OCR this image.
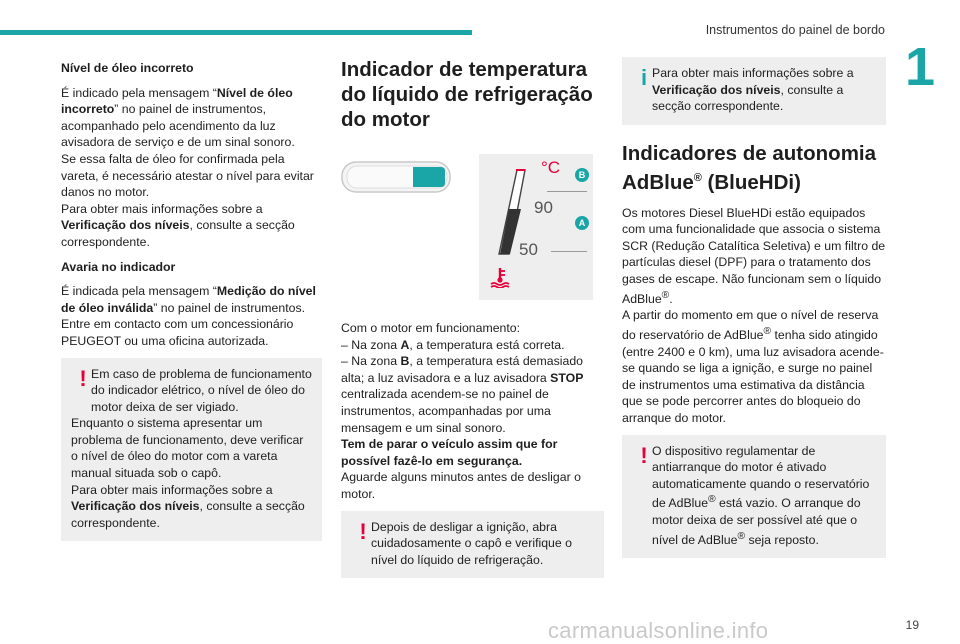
Instrumentos do painel de bordo
1
Nível de óleo incorreto

É indicado pela mensagem “Nível de óleo incorreto” no painel de instrumentos, acompanhado pelo acendimento da luz avisadora de serviço e de um sinal sonoro.
Se essa falta de óleo for confirmada pela vareta, é necessário atestar o nível para evitar danos no motor.
Para obter mais informações sobre a Verificação dos níveis, consulte a secção correspondente.

Avaria no indicador

É indicada pela mensagem “Medição do nível de óleo inválida” no painel de instrumentos.
Entre em contacto com um concessionário PEUGEOT ou uma oficina autorizada.

! Em caso de problema de funcionamento do indicador elétrico, o nível de óleo do motor deixa de ser vigiado.
Enquanto o sistema apresentar um problema de funcionamento, deve verificar o nível de óleo do motor com a vareta manual situada sob o capô.
Para obter mais informações sobre a Verificação dos níveis, consulte a secção correspondente.
Indicador de temperatura do líquido de refrigeração do motor
°C	B
90
A
50

Com o motor em funcionamento:
– Na zona A, a temperatura está correta.
– Na zona B, a temperatura está demasiado alta; a luz avisadora e a luz avisadora STOP centralizada acendem-se no painel de instrumentos, acompanhadas por uma mensagem e um sinal sonoro.
Tem de parar o veículo assim que for possível fazê-lo em segurança.
Aguarde alguns minutos antes de desligar o motor.

! Depois de desligar a ignição, abra cuidadosamente o capô e verifique o nível do líquido de refrigeração.
i Para obter mais informações sobre a Verificação dos níveis, consulte a secção correspondente.
Indicadores de autonomia AdBlue® (BlueHDi)

Os motores Diesel BlueHDi estão equipados com uma funcionalidade que associa o sistema SCR (Redução Catalítica Seletiva) e um filtro de partículas diesel (DPF) para o tratamento dos gases de escape. Não funcionam sem o líquido AdBlue®.
A partir do momento em que o nível de reserva do reservatório de AdBlue® tenha sido atingido (entre 2400 e 0 km), uma luz avisadora acende-se quando se liga a ignição, e surge no painel de instrumentos uma estimativa da distância que se pode percorrer antes do bloqueio do arranque do motor.

! O dispositivo regulamentar de antiarranque do motor é ativado automaticamente quando o reservatório de AdBlue® está vazio. O arranque do motor deixa de ser possível até que o nível de AdBlue® seja reposto.
carmanualsonline.info	19
